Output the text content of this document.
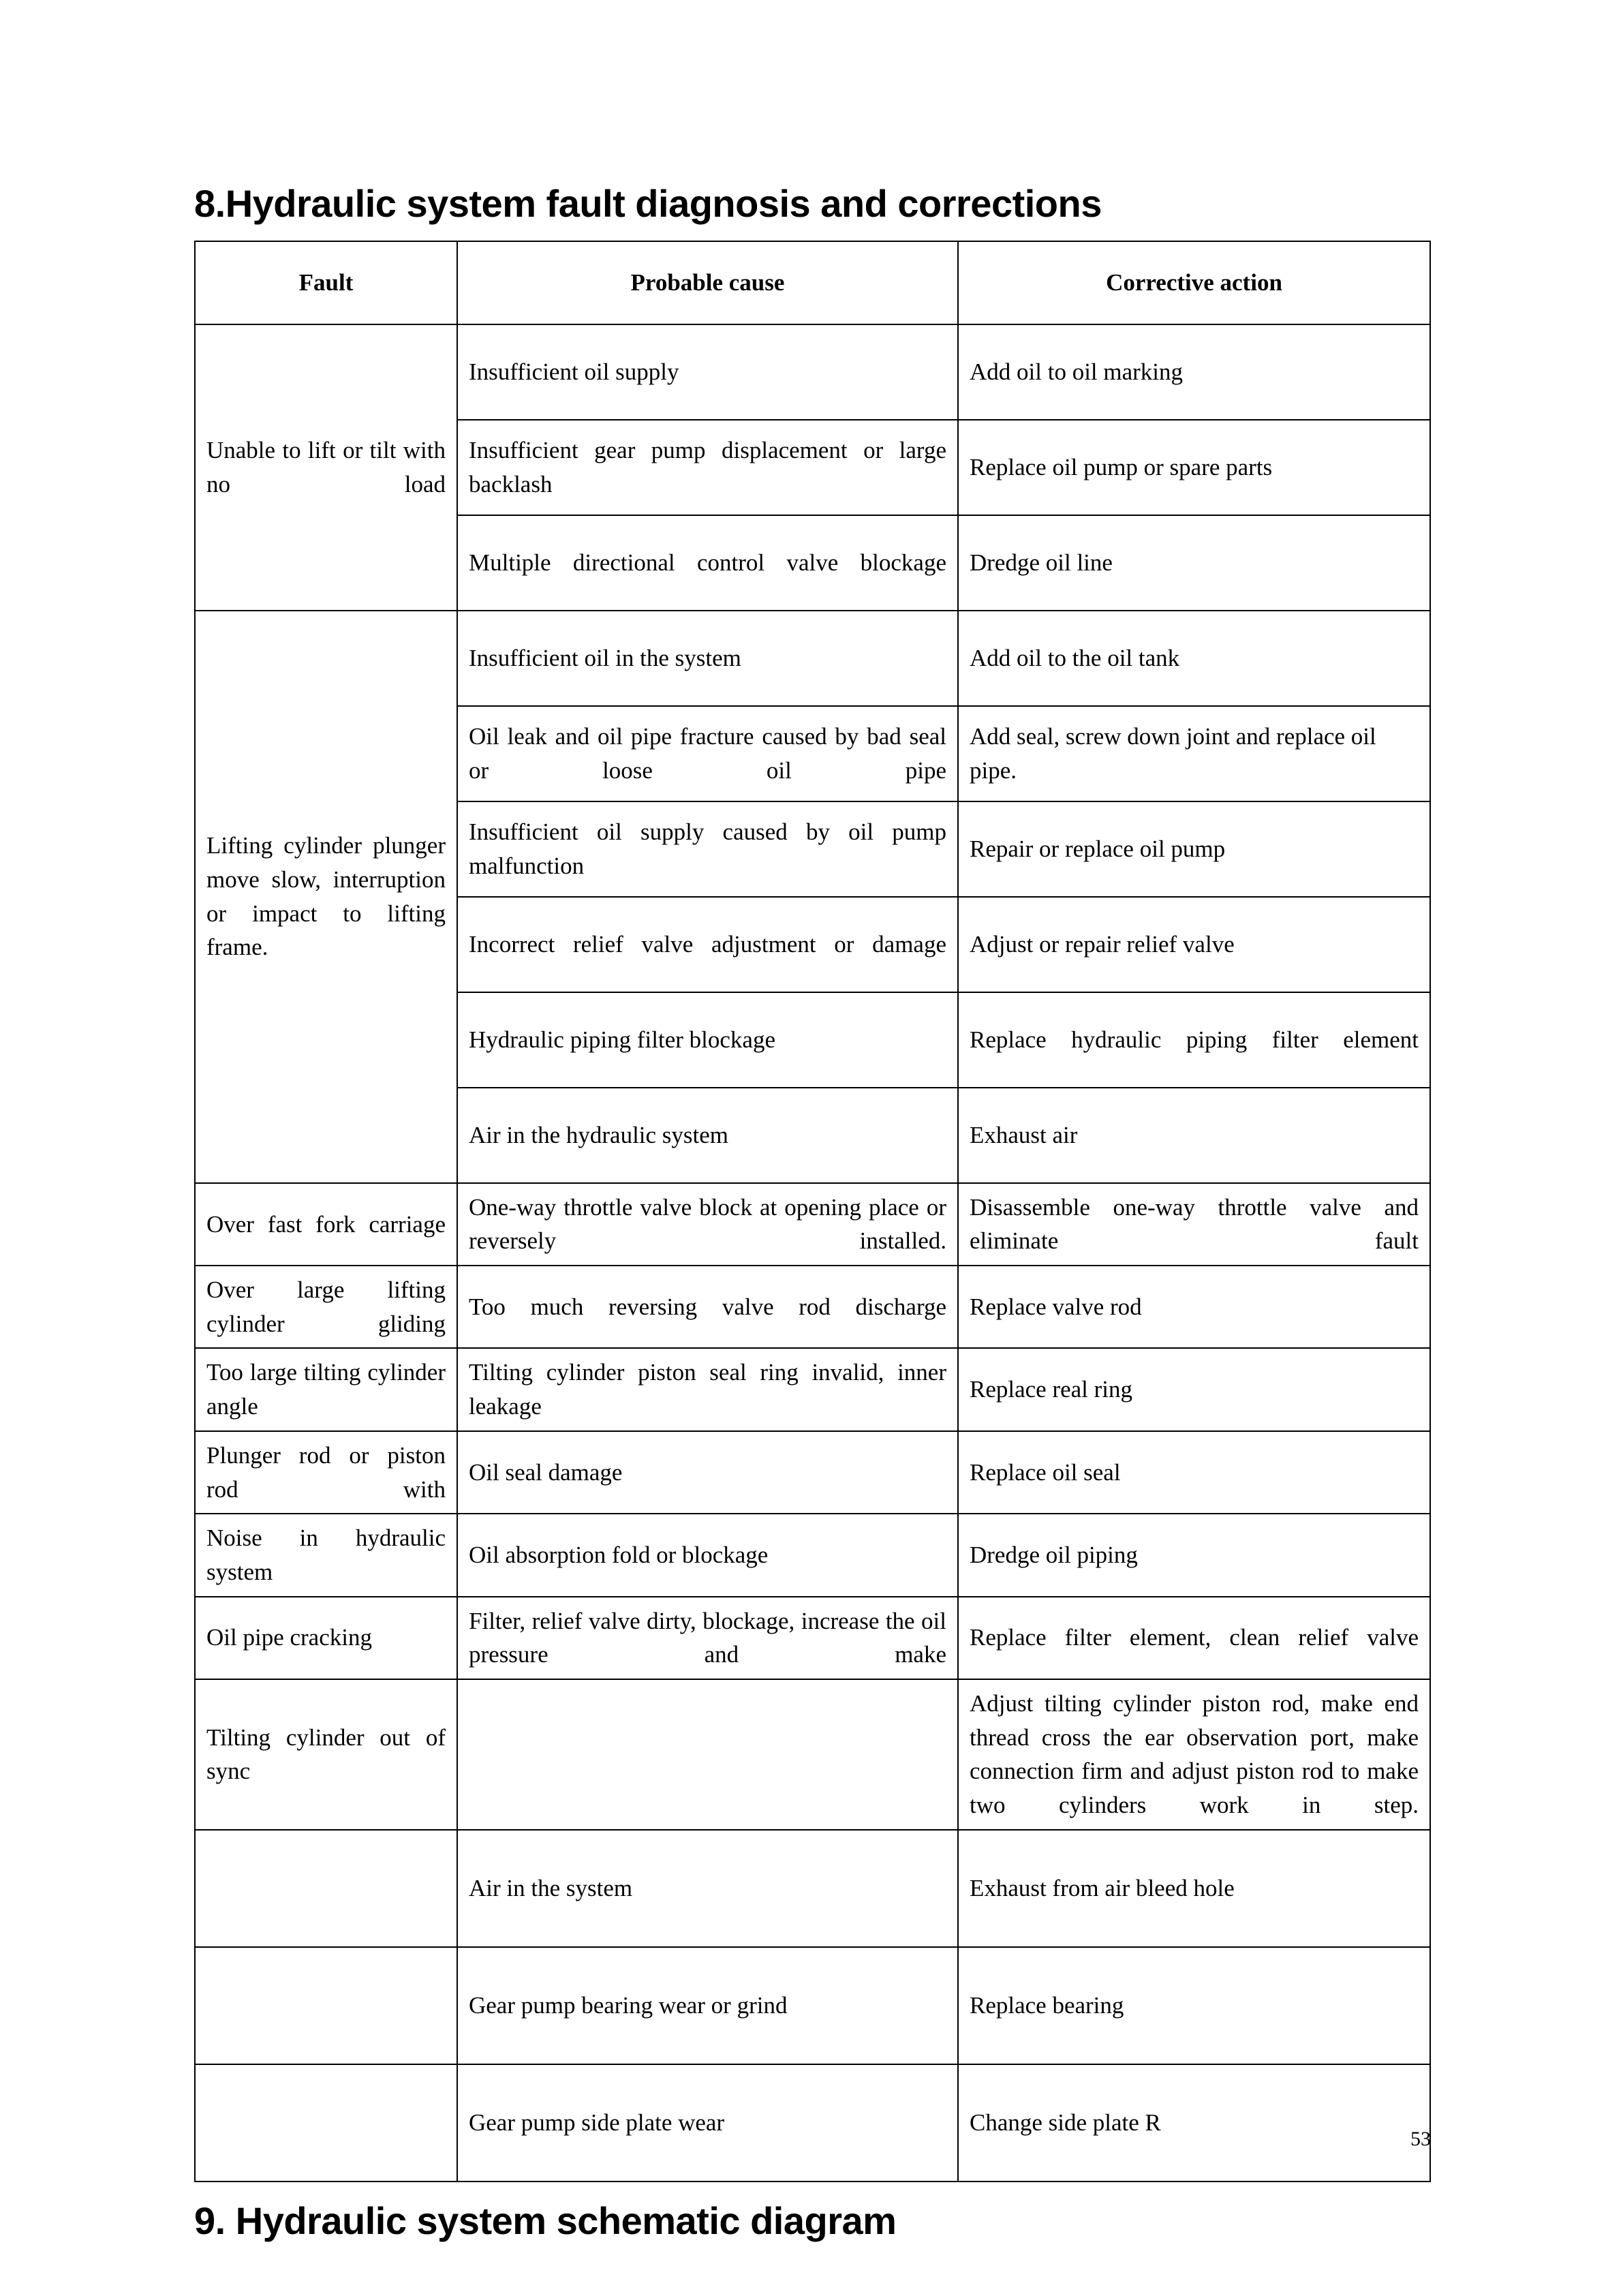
8.Hydraulic system fault diagnosis and corrections
Fault	Probable cause	Corrective action
Unable to lift or tilt with no load	Insufficient oil supply	Add oil to oil marking
	Insufficient gear pump displacement or large backlash	Replace oil pump or spare parts
	Multiple directional control valve blockage	Dredge oil line
Lifting cylinder plunger move slow, interruption or impact to lifting frame.	Insufficient oil in the system	Add oil to the oil tank
	Oil leak and oil pipe fracture caused by bad seal or loose oil pipe	Add seal, screw down joint and replace oil pipe.
	Insufficient oil supply caused by oil pump malfunction	Repair or replace oil pump
	Incorrect relief valve adjustment or damage	Adjust or repair relief valve
	Hydraulic piping filter blockage	Replace hydraulic piping filter element
	Air in the hydraulic system	Exhaust air
Over fast fork carriage	One-way throttle valve block at opening place or reversely installed.	Disassemble one-way throttle valve and eliminate fault
Over large lifting cylinder gliding	Too much reversing valve rod discharge	Replace valve rod
Too large tilting cylinder angle	Tilting cylinder piston seal ring invalid, inner leakage	Replace real ring
Plunger rod or piston rod with	Oil seal damage	Replace oil seal
Noise in hydraulic system	Oil absorption fold or blockage	Dredge oil piping
Oil pipe cracking	Filter, relief valve dirty, blockage, increase the oil pressure and make	Replace filter element, clean relief valve
Tilting cylinder out of sync		Adjust tilting cylinder piston rod, make end thread cross the ear observation port, make connection firm and adjust piston rod to make two cylinders work in step.
	Air in the system	Exhaust from air bleed hole
	Gear pump bearing wear or grind	Replace bearing
	Gear pump side plate wear	Change side plate R
9. Hydraulic system schematic diagram
53
